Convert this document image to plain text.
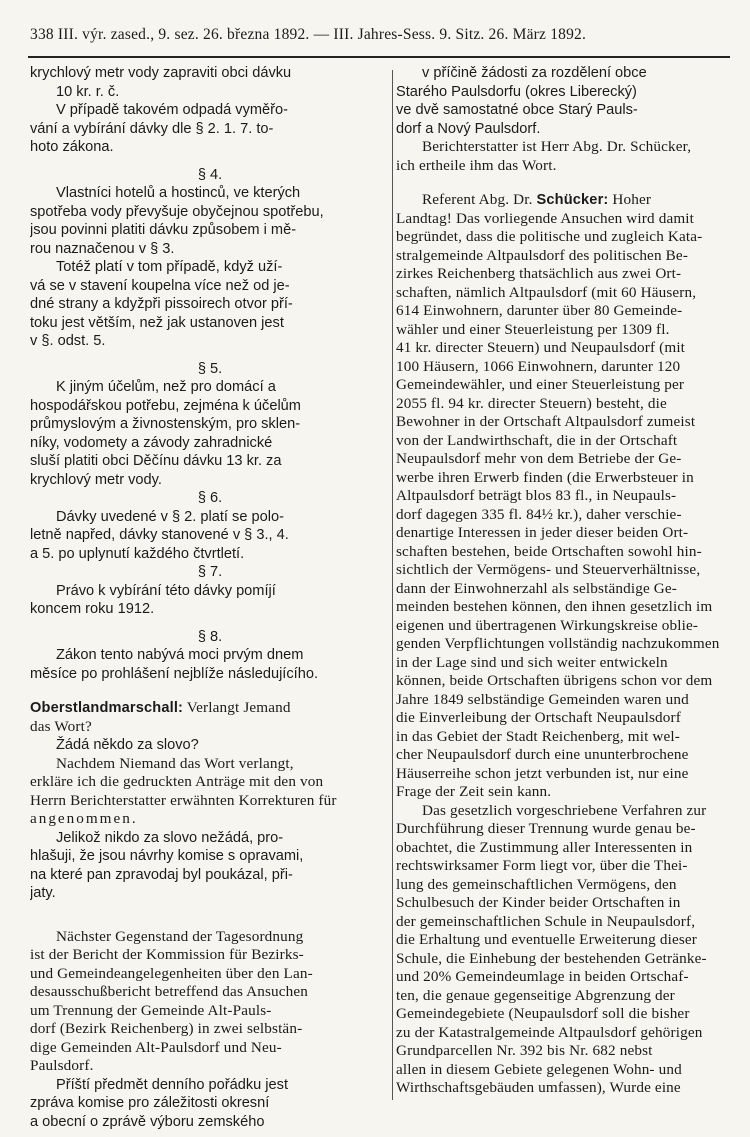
338 III. výr. zased., 9. sez. 26. března 1892. — III. Jahres-Sess. 9. Sitz. 26. März 1892.
krychlový metr vody zapraviti obci dávku
10 kr. r. č.
V případě takovém odpadá vyměřo-
vání a vybírání dávky dle § 2. 1. 7. to-
hoto zákona.
§ 4.
Vlastníci hotelů a hostinců, ve kterých
spotřeba vody převyšuje obyčejnou spotřebu,
jsou povinni platiti dávku způsobem i mě-
rou naznačenou v § 3.
Totéž platí v tom případě, když uží-
vá se v stavení koupelna více než od je-
dné strany a kdyžpři pissoirech otvor pří-
toku jest větším, než jak ustanoven jest
v §. odst. 5.
§ 5.
K jiným účelům, než pro domácí a
hospodářskou potřebu, zejména k účelům
průmyslovým a živnostenským, pro sklen-
níky, vodomety a závody zahradnické
sluší platiti obci Děčínu dávku 13 kr. za
krychlový metr vody.
§ 6.
Dávky uvedené v § 2. platí se polo-
letně napřed, dávky stanovené v § 3., 4.
a 5. po uplynutí každého čtvrtletí.
§ 7.
Právo k vybírání této dávky pomíjí
koncem roku 1912.
§ 8.
Zákon tento nabývá moci prvým dnem
měsíce po prohlášení nejblíže následujícího.
Oberstlandmarschall: Verlangt Jemand
das Wort?
Žádá někdo za slovo?
Nachdem Niemand das Wort verlangt,
erkläre ich die gedruckten Anträge mit den von
Herrn Berichterstatter erwähnten Korrekturen für
angenommen.
Jelikož nikdo za slovo nežádá, pro-
hlašuji, že jsou návrhy komise s opravami,
na které pan zpravodaj byl poukázal, při-
jaty.
Nächster Gegenstand der Tagesordnung
ist der Bericht der Kommission für Bezirks-
und Gemeindeangelegenheiten über den Lan-
desausschußbericht betreffend das Ansuchen
um Trennung der Gemeinde Alt-Pauls-
dorf (Bezirk Reichenberg) in zwei selbstän-
dige Gemeinden Alt-Paulsdorf und Neu-
Paulsdorf.
Příští předmět denního pořádku jest
zpráva komise pro záležitosti okresní
a obecní o zprávě výboru zemského
v příčině žádosti za rozdělení obce
Starého Paulsdorfu (okres Liberecký)
ve dvě samostatné obce Starý Pauls-
dorf a Nový Paulsdorf.
Berichterstatter ist Herr Abg. Dr. Schücker,
ich ertheile ihm das Wort.
Referent Abg. Dr. Schücker: Hoher
Landtag! Das vorliegende Ansuchen wird damit
begründet, dass die politische und zugleich Kata-
stralgemeinde Altpaulsdorf des politischen Be-
zirkes Reichenberg thatsächlich aus zwei Ort-
schaften, nämlich Altpaulsdorf (mit 60 Häusern,
614 Einwohnern, darunter über 80 Gemeinde-
wähler und einer Steuerleistung per 1309 fl.
41 kr. directer Steuern) und Neupaulsdorf (mit
100 Häusern, 1066 Einwohnern, darunter 120
Gemeindewähler, und einer Steuerleistung per
2055 fl. 94 kr. directer Steuern) besteht, die
Bewohner in der Ortschaft Altpaulsdorf zumeist
von der Landwirthschaft, die in der Ortschaft
Neupaulsdorf mehr von dem Betriebe der Ge-
werbe ihren Erwerb finden (die Erwerbsteuer in
Altpaulsdorf beträgt blos 83 fl., in Neupauls-
dorf dagegen 335 fl. 84½ kr.), daher verschie-
denartige Interessen in jeder dieser beiden Ort-
schaften bestehen, beide Ortschaften sowohl hin-
sichtlich der Vermögens- und Steuerverhältnisse,
dann der Einwohnerzahl als selbständige Ge-
meinden bestehen können, den ihnen gesetzlich im
eigenen und übertragenen Wirkungskreise oblie-
genden Verpflichtungen vollständig nachzukommen
in der Lage sind und sich weiter entwickeln
können, beide Ortschaften übrigens schon vor dem
Jahre 1849 selbständige Gemeinden waren und
die Einverleibung der Ortschaft Neupaulsdorf
in das Gebiet der Stadt Reichenberg, mit wel-
cher Neupaulsdorf durch eine ununterbrochene
Häuserreihe schon jetzt verbunden ist, nur eine
Frage der Zeit sein kann.
Das gesetzlich vorgeschriebene Verfahren zur
Durchführung dieser Trennung wurde genau be-
obachtet, die Zustimmung aller Interessenten in
rechtswirksamer Form liegt vor, über die Thei-
lung des gemeinschaftlichen Vermögens, den
Schulbesuch der Kinder beider Ortschaften in
der gemeinschaftlichen Schule in Neupaulsdorf,
die Erhaltung und eventuelle Erweiterung dieser
Schule, die Einhebung der bestehenden Getränke-
und 20% Gemeindeumlage in beiden Ortschaf-
ten, die genaue gegenseitige Abgrenzung der
Gemeindegebiete (Neupaulsdorf soll die bisher
zu der Katastralgemeinde Altpaulsdorf gehörigen
Grundparcellen Nr. 392 bis Nr. 682 nebst
allen in diesem Gebiete gelegenen Wohn- und
Wirthschaftsgebäuden umfassen), Wurde eine
